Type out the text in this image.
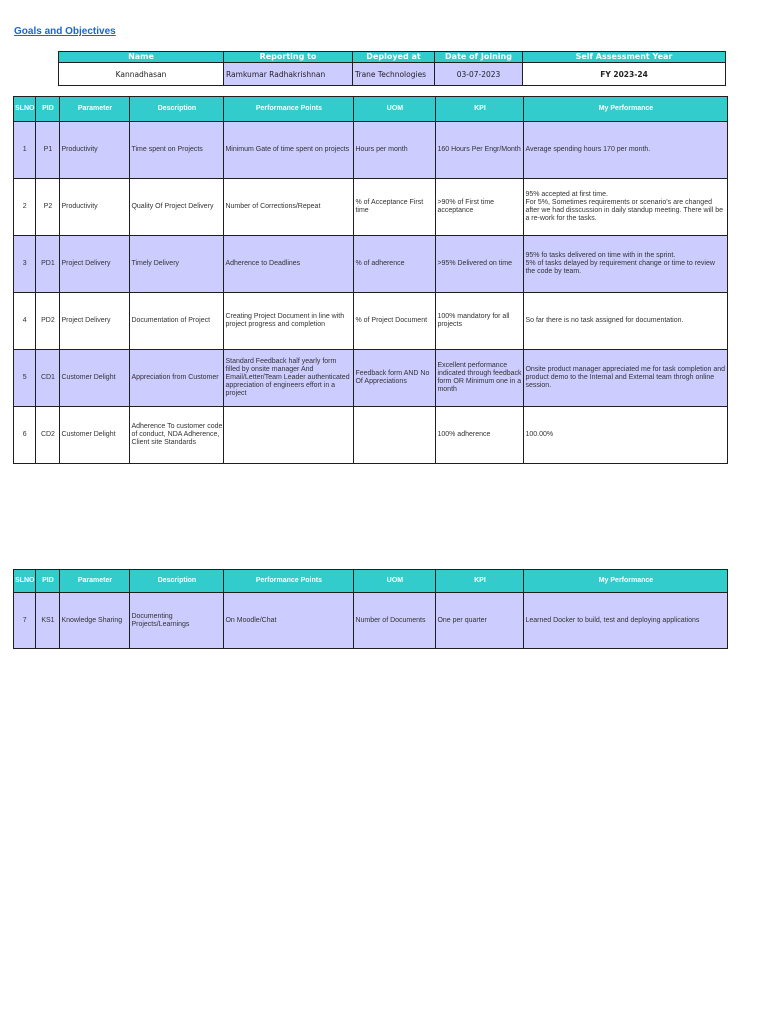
Goals and Objectives
Name	Reporting to	Deployed at	Date of Joining	Self Assessment Year
Kannadhasan	Ramkumar Radhakrishnan	Trane Technologies	03-07-2023	FY 2023-24
SLNO	PID	Parameter	Description	Performance Points	UOM	KPI	My Performance
1	P1	Productivity	Time spent on Projects	Minimum Gate of time spent on projects	Hours per month	160 Hours Per Engr/Month	Average spending hours 170 per month.
2	P2	Productivity	Quality Of Project Delivery	Number of Corrections/Repeat	% of Acceptance First time	>90% of First time acceptance	95% accepted at first time.
For 5%, Sometimes requirements or scenario's are changed after we had disscussion in daily standup meeting. There will be a re-work for the tasks.
3	PD1	Project Delivery	Timely Delivery	Adherence to Deadlines	% of adherence	>95% Delivered on time	95% fo tasks delivered on time with in the sprint.
5% of tasks delayed by requirement change or time to review the code by team.
4	PD2	Project Delivery	Documentation of Project	Creating Project Document in line with project progress and completion	% of Project Document	100% mandatory for all projects	So far there is no task assigned for documentation.
5	CD1	Customer Delight	Appreciation from Customer	Standard Feedback half yearly form filled by onsite manager And Email/Letter/Team Leader authenticated appreciation of engineers effort in a project	Feedback form AND No Of Appreciations	Excellent performance indicated through feedback form OR Minimum one in a month	Onsite product manager appreciated me for task completion and product demo to the Internal and External team throgh online session.
6	CD2	Customer Delight	Adherence To customer code of conduct, NDA Adherence, Client site Standards			100% adherence	100.00%
SLNO	PID	Parameter	Description	Performance Points	UOM	KPI	My Performance
7	KS1	Knowledge Sharing	Documenting Projects/Learnings	On Moodle/Chat	Number of Documents	One per quarter	Learned Docker to build, test and deploying applications
